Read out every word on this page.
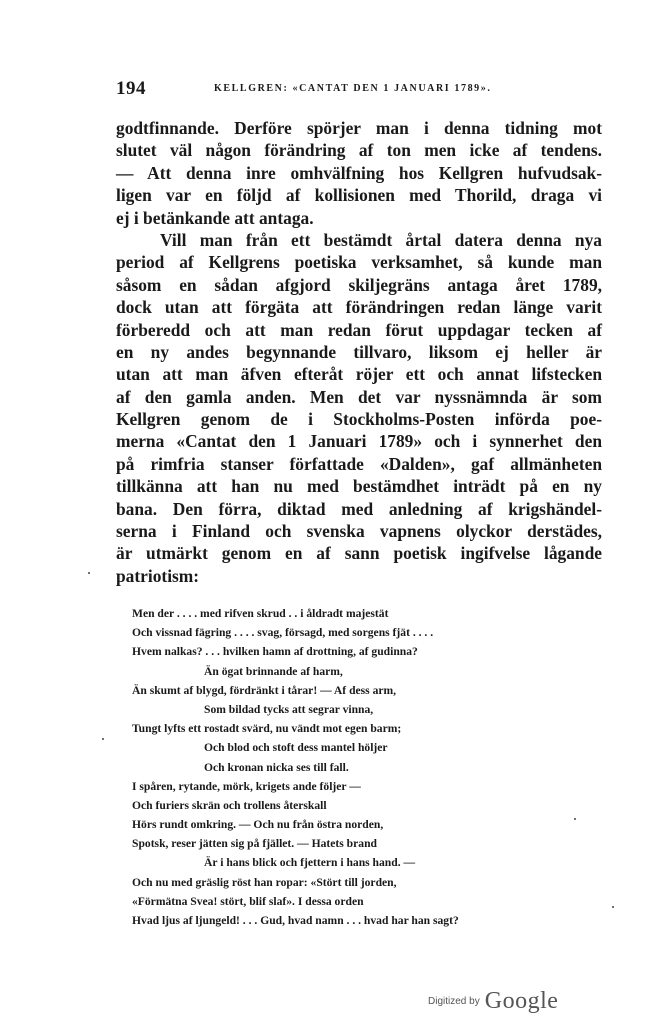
194	KELLGREN: «CANTAT DEN 1 JANUARI 1789».
godtfinnande. Derföre spörjer man i denna tidning mot
slutet väl någon förändring af ton men icke af tendens.
— Att denna inre omhvälfning hos Kellgren hufvudsak-
ligen var en följd af kollisionen med Thorild, draga vi
ej i betänkande att antaga.
Vill man från ett bestämdt årtal datera denna nya
period af Kellgrens poetiska verksamhet, så kunde man
såsom en sådan afgjord skiljegräns antaga året 1789,
dock utan att förgäta att förändringen redan länge varit
förberedd och att man redan förut uppdagar tecken af
en ny andes begynnande tillvaro, liksom ej heller är
utan att man äfven efteråt röjer ett och annat lifstecken
af den gamla anden. Men det var nyssnämnda är som
Kellgren genom de i Stockholms-Posten införda poe-
merna «Cantat den 1 Januari 1789» och i synnerhet den
på rimfria stanser författade «Dalden», gaf allmänheten
tillkänna att han nu med bestämdhet inträdt på en ny
bana. Den förra, diktad med anledning af krigshändel-
serna i Finland och svenska vapnens olyckor derstädes,
är utmärkt genom en af sann poetisk ingifvelse lågande
patriotism:
Men der . . . . med rifven skrud . . i åldradt majestät
Och vissnad fägring . . . . svag, försagd, med sorgens fjät . . . .
Hvem nalkas? . . . hvilken hamn af drottning, af gudinna?
Än ögat brinnande af harm,
Än skumt af blygd, fördränkt i tårar! — Af dess arm,
Som bildad tycks att segrar vinna,
Tungt lyfts ett rostadt svärd, nu vändt mot egen barm;
Och blod och stoft dess mantel höljer
Och kronan nicka ses till fall.
I spåren, rytande, mörk, krigets ande följer —
Och furiers skrän och trollens återskall
Hörs rundt omkring. — Och nu från östra norden,
Spotsk, reser jätten sig på fjället. — Hatets brand
Är i hans blick och fjettern i hans hand. —
Och nu med gräslig röst han ropar: «Stört till jorden,
«Förmätna Svea! stört, blif slaf». I dessa orden
Hvad ljus af ljungeld! . . . Gud, hvad namn . . . hvad har han sagt?
$^{Digitized by}$ Google
